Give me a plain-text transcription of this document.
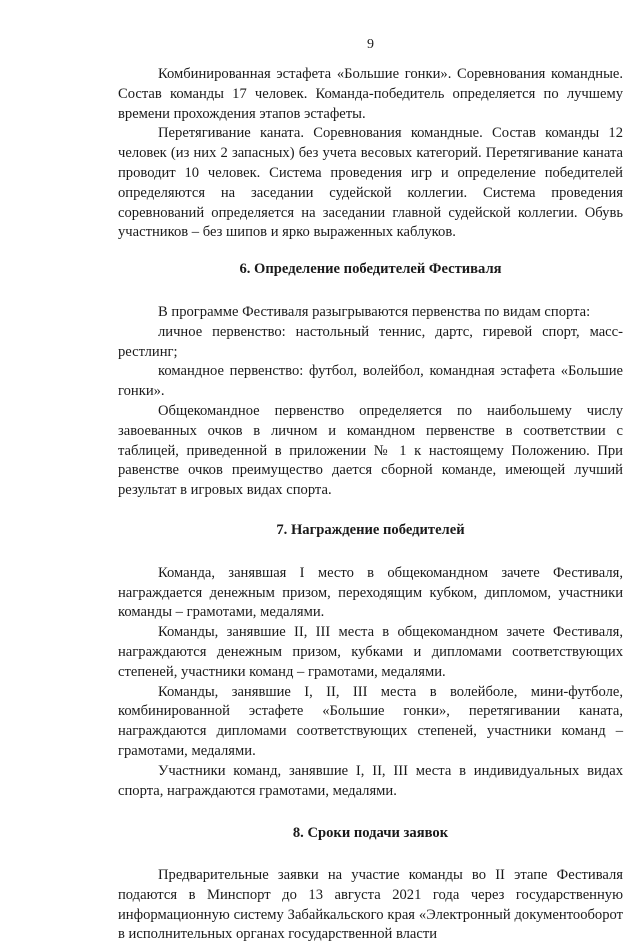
9

Комбинированная эстафета «Большие гонки». Соревнования командные. Состав команды 17 человек. Команда-победитель определяется по лучшему времени прохождения этапов эстафеты.

Перетягивание каната. Соревнования командные. Состав команды 12 человек (из них 2 запасных) без учета весовых категорий. Перетягивание каната проводит 10 человек. Система проведения игр и определение победителей определяются на заседании судейской коллегии. Система проведения соревнований определяется на заседании главной судейской коллегии. Обувь участников – без шипов и ярко выраженных каблуков.

6. Определение победителей Фестиваля

В программе Фестиваля разыгрываются первенства по видам спорта:

личное первенство: настольный теннис, дартс, гиревой спорт, масс-рестлинг;

командное первенство: футбол, волейбол, командная эстафета «Большие гонки».

Общекомандное первенство определяется по наибольшему числу завоеванных очков в личном и командном первенстве в соответствии с таблицей, приведенной в приложении № 1 к настоящему Положению. При равенстве очков преимущество дается сборной команде, имеющей лучший результат в игровых видах спорта.

7. Награждение победителей

Команда, занявшая I место в общекомандном зачете Фестиваля, награждается денежным призом, переходящим кубком, дипломом, участники команды – грамотами, медалями.

Команды, занявшие II, III места в общекомандном зачете Фестиваля, награждаются денежным призом, кубками и дипломами соответствующих степеней, участники команд – грамотами, медалями.

Команды, занявшие I, II, III места в волейболе, мини-футболе, комбинированной эстафете «Большие гонки», перетягивании каната, награждаются дипломами соответствующих степеней, участники команд – грамотами, медалями.

Участники команд, занявшие I, II, III места в индивидуальных видах спорта, награждаются грамотами, медалями.

8. Сроки подачи заявок

Предварительные заявки на участие команды во II этапе Фестиваля подаются в Минспорт до 13 августа 2021 года через государственную информационную систему Забайкальского края «Электронный документооборот в исполнительных органах государственной власти
